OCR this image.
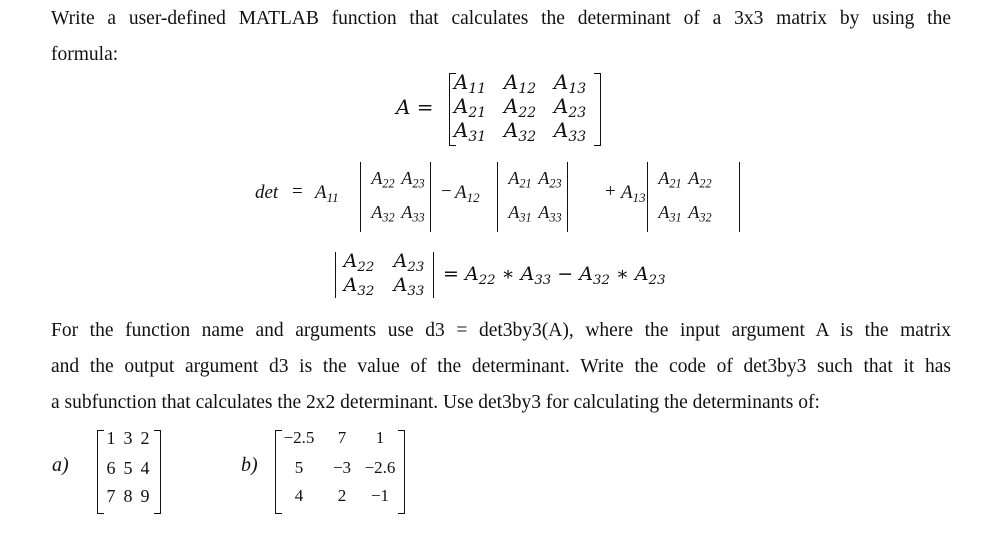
Write a user-defined MATLAB function that calculates the determinant of a 3x3 matrix by using the
formula:
A =
$A_{11}$ $A_{12}$ $A_{13}$
$A_{21}$ $A_{22}$ $A_{23}$
$A_{31}$ $A_{32}$ $A_{33}$
$\det = A_{11}$
$A_{22}$ $A_{23}$
$A_{32}$ $A_{33}$
− $A_{12}$
$A_{21}$ $A_{23}$
$A_{31}$ $A_{33}$
+ $A_{13}$
$A_{21}$ $A_{22}$
$A_{31}$ $A_{32}$
$A_{22}$	$A_{23}$
$A_{32}$	$A_{33}$
= $A_{22}$ ∗ $A_{33} - A_{32}$ ∗ $A_{23}$
For the function name and arguments use d3 = det3by3(A), where the input argument A is the matrix
and the output argument d3 is the value of the determinant. Write the code of det3by3 such that it has
a subfunction that calculates the 2x2 determinant. Use det3by3 for calculating the determinants of:
a)
1 3 2
6 5 4
7 8 9
b)
−2.5	7	1
5	−3 −2.6
4	2	−1
